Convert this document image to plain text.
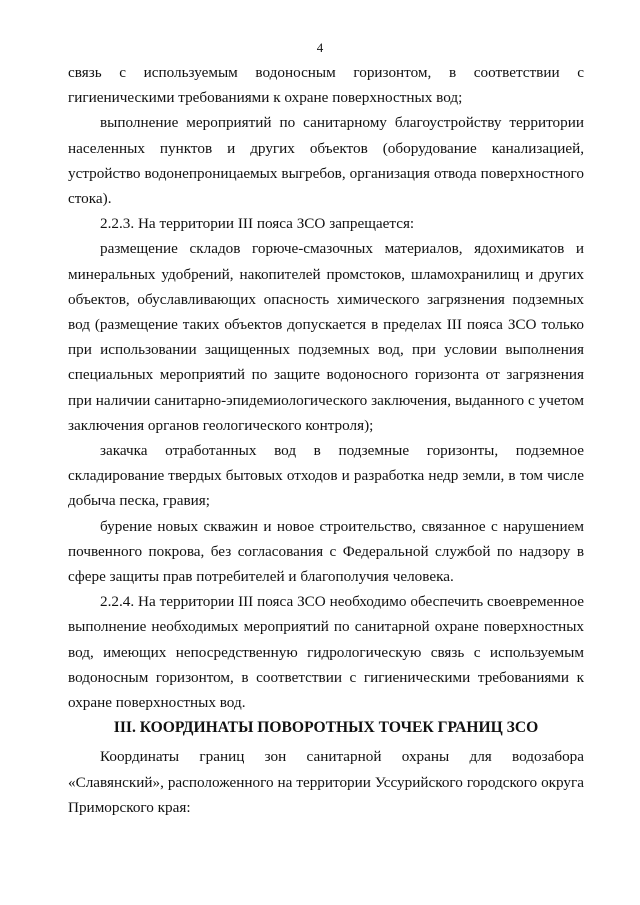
4

связь с используемым водоносным горизонтом, в соответствии с гигиеническими требованиями к охране поверхностных вод;

выполнение мероприятий по санитарному благоустройству территории населенных пунктов и других объектов (оборудование канализацией, устройство водонепроницаемых выгребов, организация отвода поверхностного стока).

2.2.3. На территории III пояса ЗСО запрещается:

размещение складов горюче-смазочных материалов, ядохимикатов и минеральных удобрений, накопителей промстоков, шламохранилищ и других объектов, обуславливающих опасность химического загрязнения подземных вод (размещение таких объектов допускается в пределах III пояса ЗСО только при использовании защищенных подземных вод, при условии выполнения специальных мероприятий по защите водоносного горизонта от загрязнения при наличии санитарно-эпидемиологического заключения, выданного с учетом заключения органов геологического контроля);

закачка отработанных вод в подземные горизонты, подземное складирование твердых бытовых отходов и разработка недр земли, в том числе добыча песка, гравия;

бурение новых скважин и новое строительство, связанное с нарушением почвенного покрова, без согласования с Федеральной службой по надзору в сфере защиты прав потребителей и благополучия человека.

2.2.4. На территории III пояса ЗСО необходимо обеспечить своевременное выполнение необходимых мероприятий по санитарной охране поверхностных вод, имеющих непосредственную гидрологическую связь с используемым водоносным горизонтом, в соответствии с гигиеническими требованиями к охране поверхностных вод.

III. КООРДИНАТЫ ПОВОРОТНЫХ ТОЧЕК ГРАНИЦ ЗСО

Координаты границ зон санитарной охраны для водозабора «Славянский», расположенного на территории Уссурийского городского округа Приморского края:
